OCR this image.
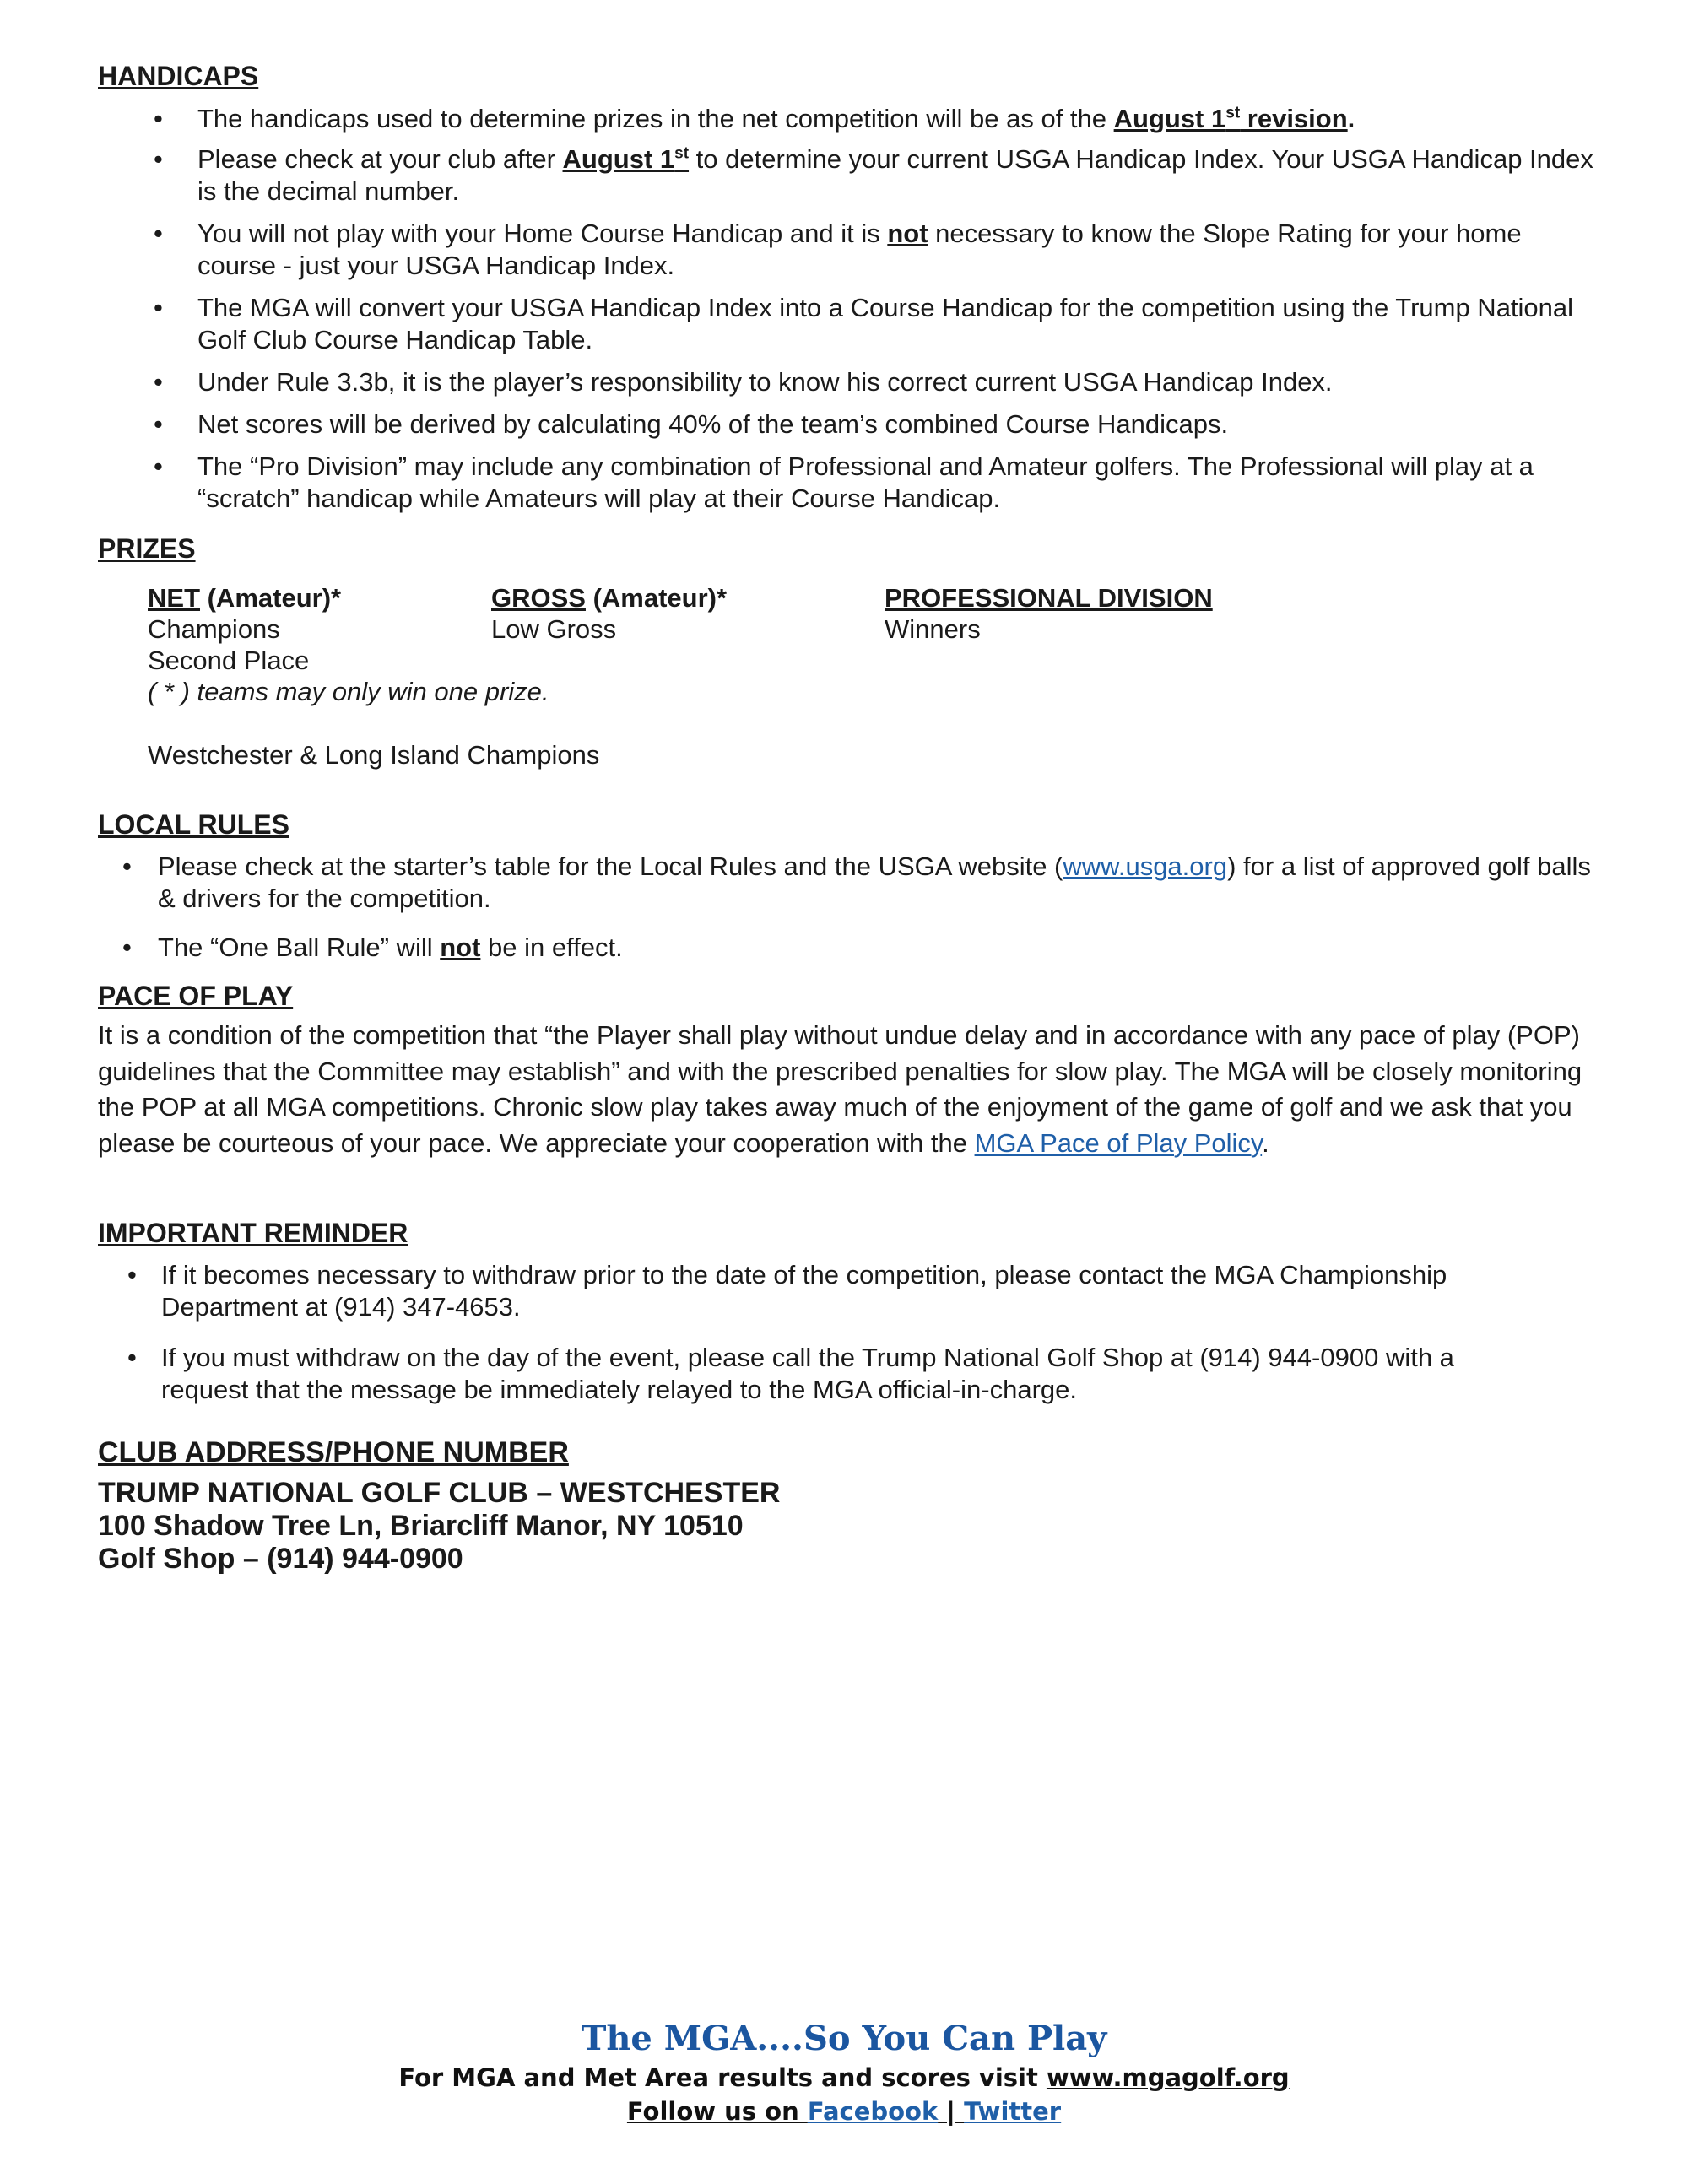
HANDICAPS
• The handicaps used to determine prizes in the net competition will be as of the August 1st revision.
• Please check at your club after August 1st to determine your current USGA Handicap Index. Your USGA Handicap Index is the decimal number.
• You will not play with your Home Course Handicap and it is not necessary to know the Slope Rating for your home course - just your USGA Handicap Index.
• The MGA will convert your USGA Handicap Index into a Course Handicap for the competition using the Trump National Golf Club Course Handicap Table.
• Under Rule 3.3b, it is the player’s responsibility to know his correct current USGA Handicap Index.
• Net scores will be derived by calculating 40% of the team’s combined Course Handicaps.
• The “Pro Division” may include any combination of Professional and Amateur golfers. The Professional will play at a “scratch” handicap while Amateurs will play at their Course Handicap.
PRIZES
NET (Amateur)*
Champions
Second Place
( * ) teams may only win one prize.
Westchester & Long Island Champions
GROSS (Amateur)*
Low Gross
PROFESSIONAL DIVISION
Winners
LOCAL RULES
• Please check at the starter’s table for the Local Rules and the USGA website (www.usga.org) for a list of approved golf balls & drivers for the competition.
• The “One Ball Rule” will not be in effect.
PACE OF PLAY
It is a condition of the competition that “the Player shall play without undue delay and in accordance with any pace of play (POP) guidelines that the Committee may establish” and with the prescribed penalties for slow play. The MGA will be closely monitoring the POP at all MGA competitions. Chronic slow play takes away much of the enjoyment of the game of golf and we ask that you please be courteous of your pace. We appreciate your cooperation with the MGA Pace of Play Policy.
IMPORTANT REMINDER
• If it becomes necessary to withdraw prior to the date of the competition, please contact the MGA Championship Department at (914) 347-4653.
• If you must withdraw on the day of the event, please call the Trump National Golf Shop at (914) 944-0900 with a request that the message be immediately relayed to the MGA official-in-charge.
CLUB ADDRESS/PHONE NUMBER
TRUMP NATIONAL GOLF CLUB – WESTCHESTER
100 Shadow Tree Ln, Briarcliff Manor, NY 10510
Golf Shop – (914) 944-0900
The MGA....So You Can Play
For MGA and Met Area results and scores visit www.mgagolf.org
Follow us on Facebook | Twitter
